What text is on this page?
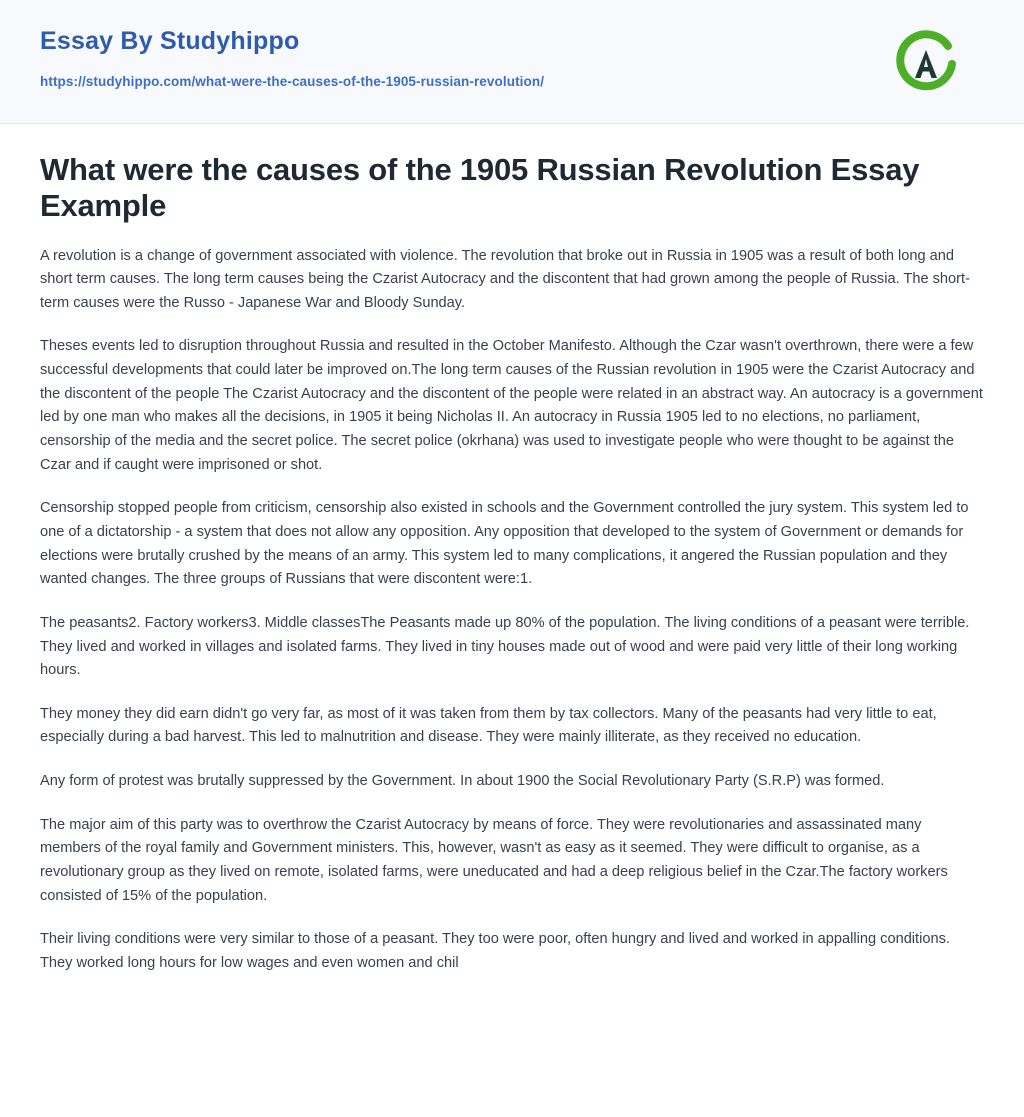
Essay By Studyhippo
https://studyhippo.com/what-were-the-causes-of-the-1905-russian-revolution/
What were the causes of the 1905 Russian Revolution Essay Example

A revolution is a change of government associated with violence. The revolution that broke out in Russia in 1905 was a result of both long and short term causes. The long term causes being the Czarist Autocracy and the discontent that had grown among the people of Russia. The short-term causes were the Russo - Japanese War and Bloody Sunday.

Theses events led to disruption throughout Russia and resulted in the October Manifesto. Although the Czar wasn't overthrown, there were a few successful developments that could later be improved on.The long term causes of the Russian revolution in 1905 were the Czarist Autocracy and the discontent of the people The Czarist Autocracy and the discontent of the people were related in an abstract way. An autocracy is a government led by one man who makes all the decisions, in 1905 it being Nicholas II. An autocracy in Russia 1905 led to no elections, no parliament, censorship of the media and the secret police. The secret police (okrhana) was used to investigate people who were thought to be against the Czar and if caught were imprisoned or shot.

Censorship stopped people from criticism, censorship also existed in schools and the Government controlled the jury system. This system led to one of a dictatorship - a system that does not allow any opposition. Any opposition that developed to the system of Government or demands for elections were brutally crushed by the means of an army. This system led to many complications, it angered the Russian population and they wanted changes. The three groups of Russians that were discontent were:1.

The peasants2. Factory workers3. Middle classesThe Peasants made up 80% of the population. The living conditions of a peasant were terrible. They lived and worked in villages and isolated farms. They lived in tiny houses made out of wood and were paid very little of their long working hours.

They money they did earn didn't go very far, as most of it was taken from them by tax collectors. Many of the peasants had very little to eat, especially during a bad harvest. This led to malnutrition and disease. They were mainly illiterate, as they received no education.

Any form of protest was brutally suppressed by the Government. In about 1900 the Social Revolutionary Party (S.R.P) was formed.

The major aim of this party was to overthrow the Czarist Autocracy by means of force. They were revolutionaries and assassinated many members of the royal family and Government ministers. This, however, wasn't as easy as it seemed. They were difficult to organise, as a revolutionary group as they lived on remote, isolated farms, were uneducated and had a deep religious belief in the Czar.The factory workers consisted of 15% of the population.

Their living conditions were very similar to those of a peasant. They too were poor, often hungry and lived and worked in appalling conditions. They worked long hours for low wages and even women and chil
